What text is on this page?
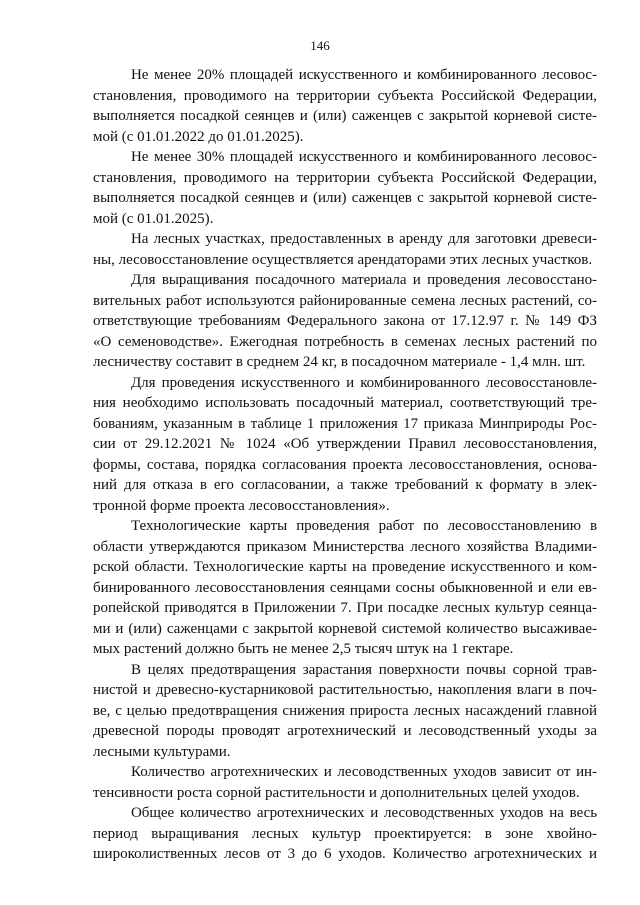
146
Не менее 20% площадей искусственного и комбинированного лесовос-
становления, проводимого на территории субъекта Российской Федерации,
выполняется посадкой сеянцев и (или) саженцев с закрытой корневой систе-
мой (с 01.01.2022 до 01.01.2025).
Не менее 30% площадей искусственного и комбинированного лесовос-
становления, проводимого на территории субъекта Российской Федерации,
выполняется посадкой сеянцев и (или) саженцев с закрытой корневой систе-
мой (с 01.01.2025).
На лесных участках, предоставленных в аренду для заготовки древеси-
ны, лесовосстановление осуществляется арендаторами этих лесных участков.
Для выращивания посадочного материала и проведения лесовосстано-
вительных работ используются районированные семена лесных растений, со-
ответствующие требованиям Федерального закона от 17.12.97 г. № 149 ФЗ
«О семеноводстве». Ежегодная потребность в семенах лесных растений по
лесничеству составит в среднем 24 кг, в посадочном материале - 1,4 млн. шт.
Для проведения искусственного и комбинированного лесовосстановле-
ния необходимо использовать посадочный материал, соответствующий тре-
бованиям, указанным в таблице 1 приложения 17 приказа Минприроды Рос-
сии от 29.12.2021 № 1024 «Об утверждении Правил лесовосстановления,
формы, состава, порядка согласования проекта лесовосстановления, основа-
ний для отказа в его согласовании, а также требований к формату в элек-
тронной форме проекта лесовосстановления».
Технологические карты проведения работ по лесовосстановлению в
области утверждаются приказом Министерства лесного хозяйства Владими-
рской области. Технологические карты на проведение искусственного и ком-
бинированного лесовосстановления сеянцами сосны обыкновенной и ели ев-
ропейской приводятся в Приложении 7. При посадке лесных культур сеянца-
ми и (или) саженцами с закрытой корневой системой количество высаживае-
мых растений должно быть не менее 2,5 тысяч штук на 1 гектаре.
В целях предотвращения зарастания поверхности почвы сорной трав-
нистой и древесно-кустарниковой растительностью, накопления влаги в поч-
ве, с целью предотвращения снижения прироста лесных насаждений главной
древесной породы проводят агротехнический и лесоводственный уходы за
лесными культурами.
Количество агротехнических и лесоводственных уходов зависит от ин-
тенсивности роста сорной растительности и дополнительных целей уходов.
Общее количество агротехнических и лесоводственных уходов на весь
период выращивания лесных культур проектируется: в зоне хвойно-
широколиственных лесов от 3 до 6 уходов. Количество агротехнических и
